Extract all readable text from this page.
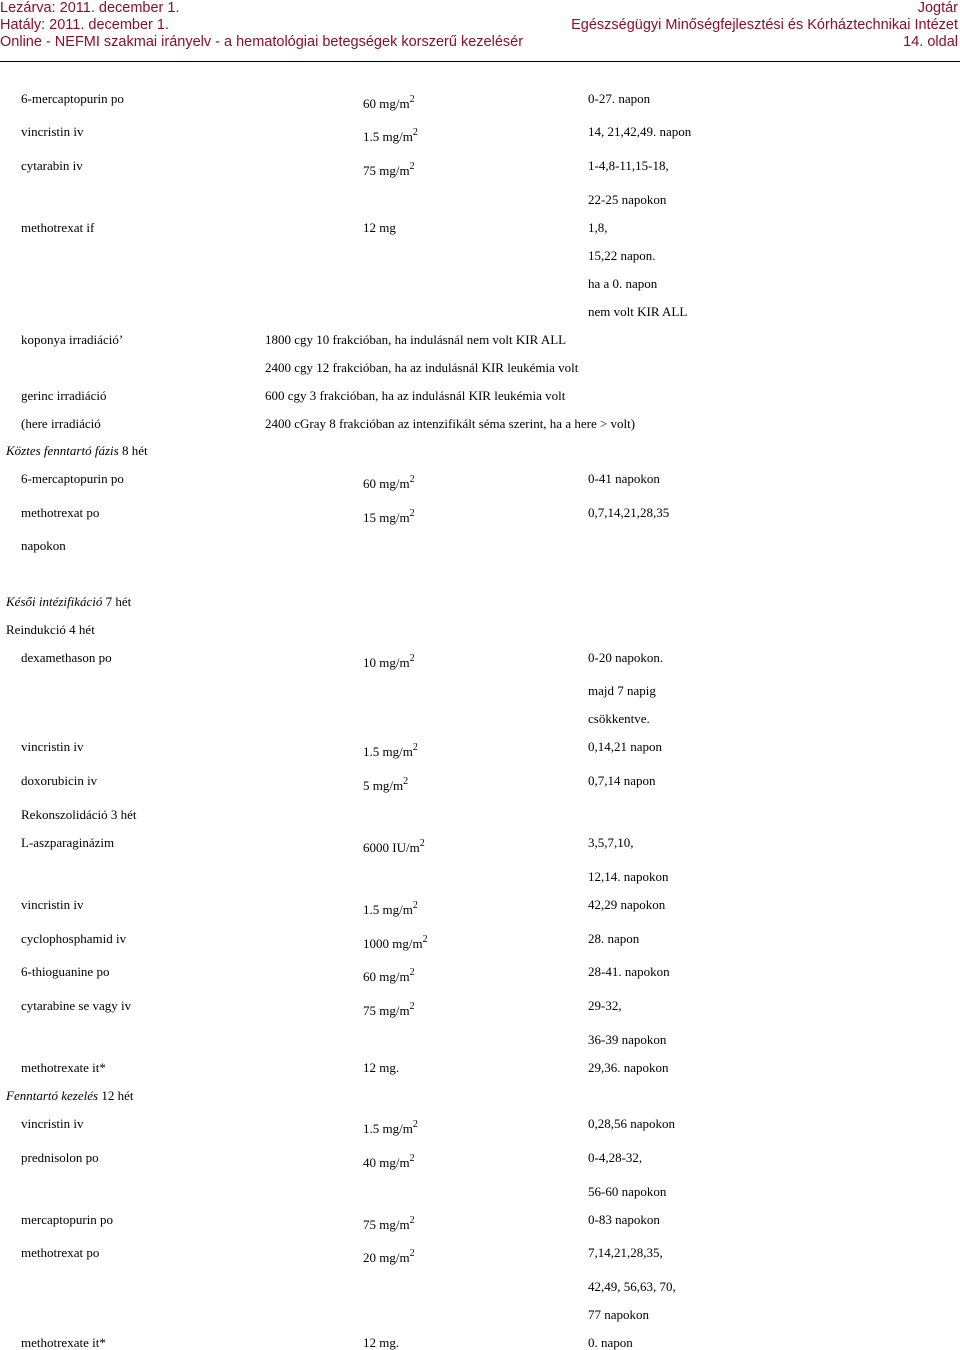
Lezárva: 2011. december 1.
Hatály: 2011. december 1.
Online - NEFMI szakmai irányelv - a hematológiai betegségek korszerű kezelésér
Jogtár
Egészségügyi Minőségfejlesztési és Kórháztechnikai Intézet
14. oldal
6-mercaptopurin po	60 $mg/m^2$	0-27. napon
vincristin iv	1.5 $mg/m^2$	14, 21,42,49. napon
cytarabin iv	75 $mg/m^2$	1-4,8-11,15-18,
22-25 napokon
methotrexat if	12 mg	1,8,
15,22 napon.
ha a 0. napon
nem volt KIR ALL
koponya irradiáció’	1800 cgy 10 frakcióban, ha indulásnál nem volt KIR ALL
2400 cgy 12 frakcióban, ha az indulásnál KIR leukémia volt
gerinc irradiáció	600 cgy 3 frakcióban, ha az indulásnál KIR leukémia volt
(here irradiáció	2400 cGray 8 frakcióban az intenzifikált séma szerint, ha a here > volt)
Köztes fenntartó fázis 8 hét
6-mercaptopurin po	60 $mg/m^2$	0-41 napokon
methotrexat po	15 $mg/m^2$	0,7,14,21,28,35
napokon
Késői intézifikáció 7 hét
Reindukció 4 hét
dexamethason po	10 $mg/m^2$	0-20 napokon.
majd 7 napig
csökkentve.
vincristin iv	1.5 $mg/m^2$	0,14,21 napon
doxorubicin iv	5 $mg/m^2$	0,7,14 napon
Rekonszolidáció 3 hét
L-aszparaginázim	6000 $IU/m^2$	3,5,7,10,
12,14. napokon
vincristin iv	1.5 $mg/m^2$	42,29 napokon
cyclophosphamid iv	1000 $mg/m^2$	28. napon
6-thioguanine po	60 $mg/m^2$	28-41. napokon
cytarabine se vagy iv	75 $mg/m^2$	29-32,
36-39 napokon
methotrexate it*	12 mg.	29,36. napokon
Fenntartó kezelés 12 hét
vincristin iv	1.5 $mg/m^2$	0,28,56 napokon
prednisolon po	40 $mg/m^2$	0-4,28-32,
56-60 napokon
mercaptopurin po	75 $mg/m^2$	0-83 napokon
methotrexat po	20 $mg/m^2$	7,14,21,28,35,
42,49, 56,63, 70,
77 napokon
methotrexate it*	12 mg.	0. napon
